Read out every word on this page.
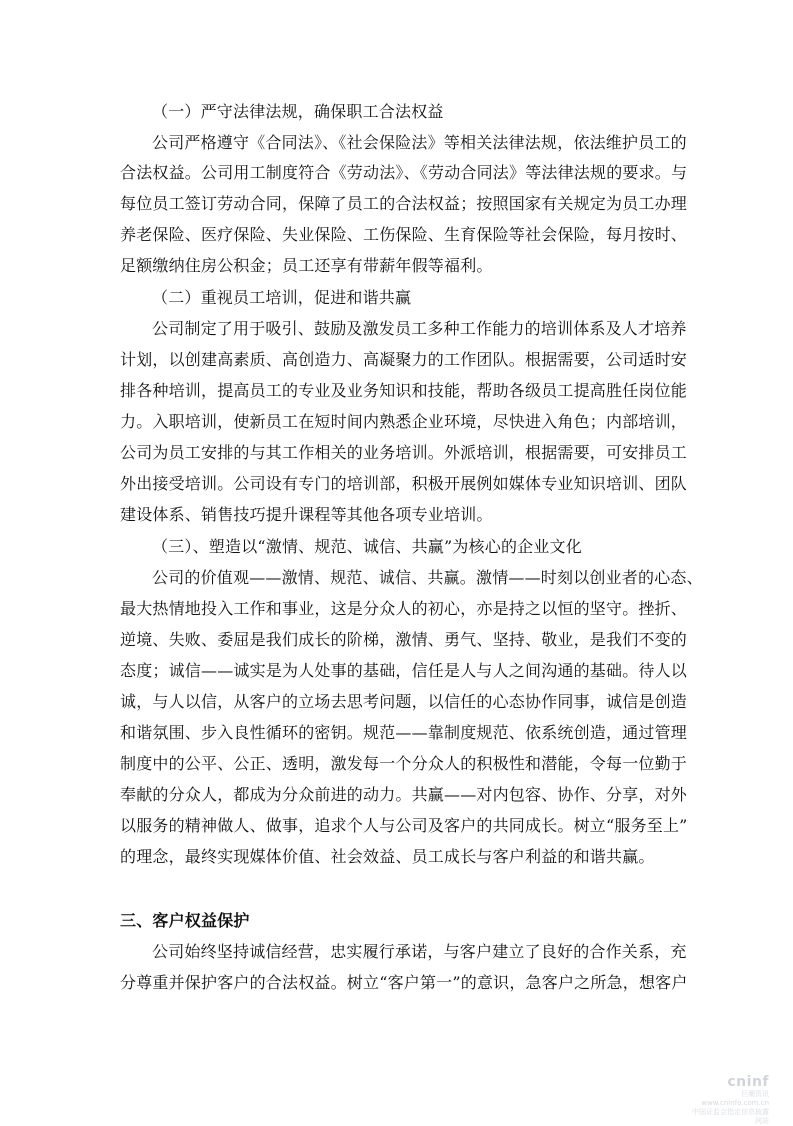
（一）严守法律法规，确保职工合法权益
公司严格遵守《合同法》、《社会保险法》等相关法律法规，依法维护员工的
合法权益。公司用工制度符合《劳动法》、《劳动合同法》等法律法规的要求。与
每位员工签订劳动合同，保障了员工的合法权益；按照国家有关规定为员工办理
养老保险、医疗保险、失业保险、工伤保险、生育保险等社会保险，每月按时、
足额缴纳住房公积金；员工还享有带薪年假等福利。
（二）重视员工培训，促进和谐共赢
公司制定了用于吸引、鼓励及激发员工多种工作能力的培训体系及人才培养
计划，以创建高素质、高创造力、高凝聚力的工作团队。根据需要，公司适时安
排各种培训，提高员工的专业及业务知识和技能，帮助各级员工提高胜任岗位能
力。入职培训，使新员工在短时间内熟悉企业环境，尽快进入角色；内部培训，
公司为员工安排的与其工作相关的业务培训。外派培训，根据需要，可安排员工
外出接受培训。公司设有专门的培训部，积极开展例如媒体专业知识培训、团队
建设体系、销售技巧提升课程等其他各项专业培训。
（三）、塑造以“激情、规范、诚信、共赢”为核心的企业文化
公司的价值观——激情、规范、诚信、共赢。激情——时刻以创业者的心态、
最大热情地投入工作和事业，这是分众人的初心，亦是持之以恒的坚守。挫折、
逆境、失败、委屈是我们成长的阶梯，激情、勇气、坚持、敬业，是我们不变的
态度；诚信——诚实是为人处事的基础，信任是人与人之间沟通的基础。待人以
诚，与人以信，从客户的立场去思考问题，以信任的心态协作同事，诚信是创造
和谐氛围、步入良性循环的密钥。规范——靠制度规范、依系统创造，通过管理
制度中的公平、公正、透明，激发每一个分众人的积极性和潜能，令每一位勤于
奉献的分众人，都成为分众前进的动力。共赢——对内包容、协作、分享，对外
以服务的精神做人、做事，追求个人与公司及客户的共同成长。树立“服务至上”
的理念，最终实现媒体价值、社会效益、员工成长与客户利益的和谐共赢。
三、客户权益保护
公司始终坚持诚信经营，忠实履行承诺，与客户建立了良好的合作关系，充
分尊重并保护客户的合法权益。树立“客户第一”的意识，急客户之所急，想客户
cninf
巨潮资讯
www.cninfo.com.cn
中国证监会指定信息披露网站
